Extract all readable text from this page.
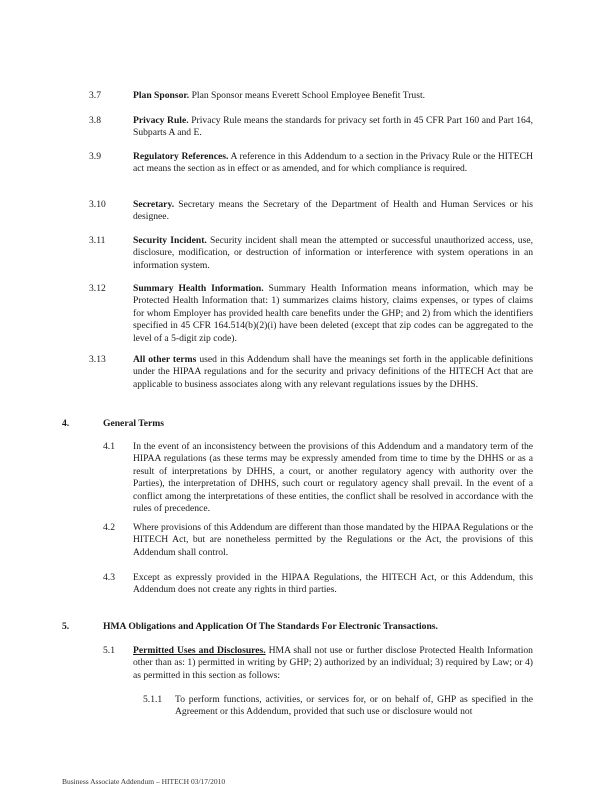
3.7	Plan Sponsor. Plan Sponsor means Everett School Employee Benefit Trust.
3.8	Privacy Rule. Privacy Rule means the standards for privacy set forth in 45 CFR Part 160 and Part 164, Subparts A and E.
3.9	Regulatory References. A reference in this Addendum to a section in the Privacy Rule or the HITECH act means the section as in effect or as amended, and for which compliance is required.
3.10	Secretary. Secretary means the Secretary of the Department of Health and Human Services or his designee.
3.11	Security Incident. Security incident shall mean the attempted or successful unauthorized access, use, disclosure, modification, or destruction of information or interference with system operations in an information system.
3.12	Summary Health Information. Summary Health Information means information, which may be Protected Health Information that: 1) summarizes claims history, claims expenses, or types of claims for whom Employer has provided health care benefits under the GHP; and 2) from which the identifiers specified in 45 CFR 164.514(b)(2)(i) have been deleted (except that zip codes can be aggregated to the level of a 5-digit zip code).
3.13	All other terms used in this Addendum shall have the meanings set forth in the applicable definitions under the HIPAA regulations and for the security and privacy definitions of the HITECH Act that are applicable to business associates along with any relevant regulations issues by the DHHS.
4.	General Terms
4.1 In the event of an inconsistency between the provisions of this Addendum and a mandatory term of the HIPAA regulations (as these terms may be expressly amended from time to time by the DHHS or as a result of interpretations by DHHS, a court, or another regulatory agency with authority over the Parties), the interpretation of DHHS, such court or regulatory agency shall prevail. In the event of a conflict among the interpretations of these entities, the conflict shall be resolved in accordance with the rules of precedence.
4.2 Where provisions of this Addendum are different than those mandated by the HIPAA Regulations or the HITECH Act, but are nonetheless permitted by the Regulations or the Act, the provisions of this Addendum shall control.
4.3 Except as expressly provided in the HIPAA Regulations, the HITECH Act, or this Addendum, this Addendum does not create any rights in third parties.
5.	HMA Obligations and Application Of The Standards For Electronic Transactions.
5.1 Permitted Uses and Disclosures. HMA shall not use or further disclose Protected Health Information other than as: 1) permitted in writing by GHP; 2) authorized by an individual; 3) required by Law; or 4) as permitted in this section as follows:
5.1.1 To perform functions, activities, or services for, or on behalf of, GHP as specified in the Agreement or this Addendum, provided that such use or disclosure would not
Business Associate Addendum – HITECH 03/17/2010
